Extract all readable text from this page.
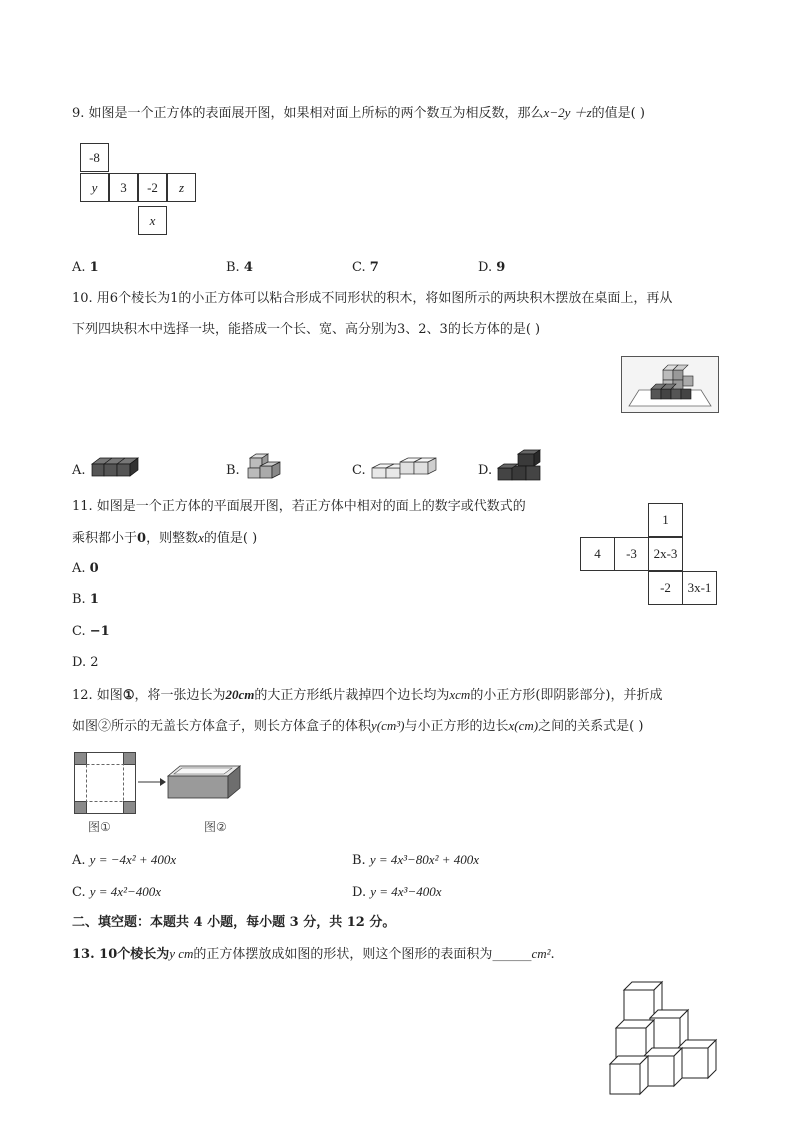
9. 如图是一个正方体的表面展开图，如果相对面上所标的两个数互为相反数，那么x−2y ＋z的值是( )
-8
y	3	-2	z
x
A. 1	B. 4	C. 7	D. 9
10. 用6个棱长为1的小正方体可以粘合形成不同形状的积木，将如图所示的两块积木摆放在桌面上，再从
下列四块积木中选择一块，能搭成一个长、宽、高分别为3、2、3的长方体的是( )
A.	B.	C.	D.
11. 如图是一个正方体的平面展开图，若正方体中相对的面上的数字或代数式的
乘积都小于0，则整数x的值是( )
1
4	-3	2x-3
-2	3x-1
A. 0
B. 1
C. −1
D. 2
12. 如图①，将一张边长为20cm的大正方形纸片裁掉四个边长均为xcm的小正方形(即阴影部分)，并折成
如图②所示的无盖长方体盒子，则长方体盒子的体积y(cm³)与小正方形的边长x(cm)之间的关系式是( )
图①	图②
A. y = −4x² + 400x	B. y = 4x³−80x² + 400x
C. y = 4x²−400x	D. y = 4x³−400x
二、填空题：本题共 4 小题，每小题 3 分，共 12 分。
13. 10个棱长为y cm的正方体摆放成如图的形状，则这个图形的表面积为______cm².
